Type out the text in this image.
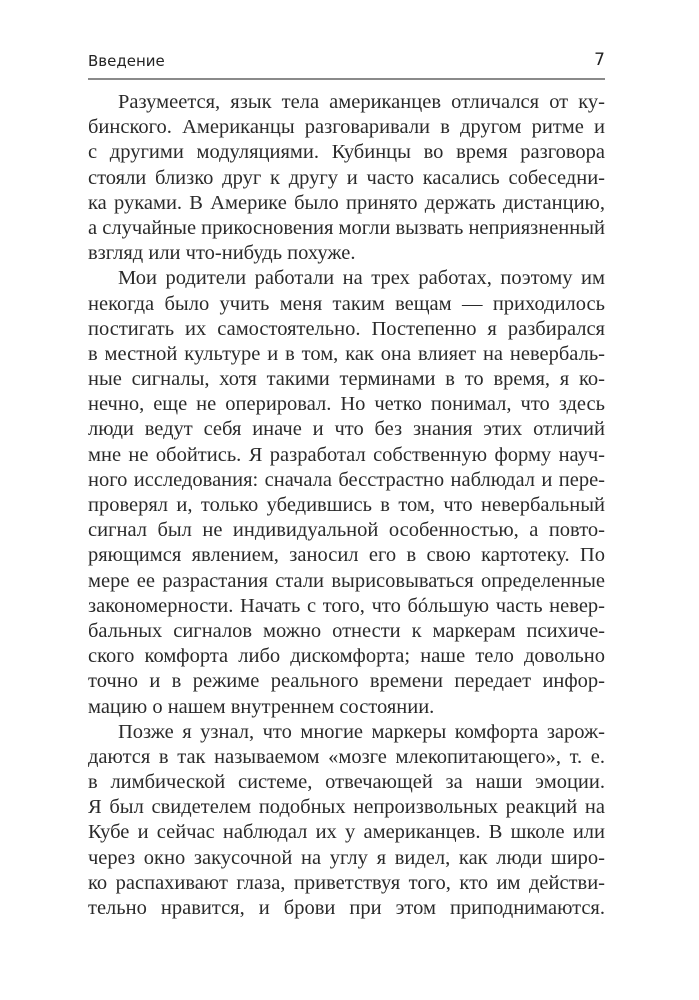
Введение	7
Разумеется, язык тела американцев отличался от ку-
бинского. Американцы разговаривали в другом ритме и
с другими модуляциями. Кубинцы во время разговора
стояли близко друг к другу и часто касались собеседни-
ка руками. В Америке было принято держать дистанцию,
а случайные прикосновения могли вызвать неприязненный
взгляд или что-нибудь похуже.
Мои родители работали на трех работах, поэтому им
некогда было учить меня таким вещам — приходилось
постигать их самостоятельно. Постепенно я разбирался
в местной культуре и в том, как она влияет на невербаль-
ные сигналы, хотя такими терминами в то время, я ко-
нечно, еще не оперировал. Но четко понимал, что здесь
люди ведут себя иначе и что без знания этих отличий
мне не обойтись. Я разработал собственную форму науч-
ного исследования: сначала бесстрастно наблюдал и пере-
проверял и, только убедившись в том, что невербальный
сигнал был не индивидуальной особенностью, а повто-
ряющимся явлением, заносил его в свою картотеку. По
мере ее разрастания стали вырисовываться определенные
закономерности. Начать с того, что бóльшую часть невер-
бальных сигналов можно отнести к маркерам психиче-
ского комфорта либо дискомфорта; наше тело довольно
точно и в режиме реального времени передает инфор-
мацию о нашем внутреннем состоянии.
Позже я узнал, что многие маркеры комфорта зарож-
даются в так называемом «мозге млекопитающего», т. е.
в лимбической системе, отвечающей за наши эмоции.
Я был свидетелем подобных непроизвольных реакций на
Кубе и сейчас наблюдал их у американцев. В школе или
через окно закусочной на углу я видел, как люди широ-
ко распахивают глаза, приветствуя того, кто им действи-
тельно нравится, и брови при этом приподнимаются.
